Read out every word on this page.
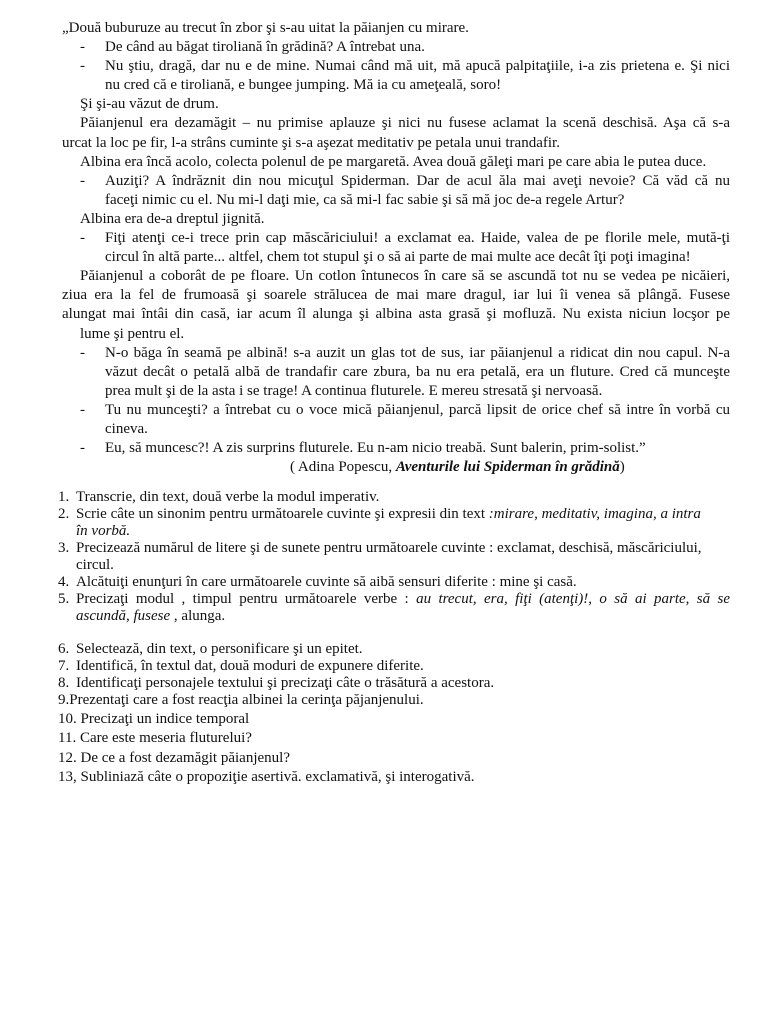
„Două buburuze au trecut în zbor şi s-au uitat la păianjen cu mirare.
- De când au băgat tiroliană în grădină? A întrebat una.
- Nu ştiu, dragă, dar nu e de mine. Numai când mă uit, mă apucă palpitaţiile, i-a zis prietena e. Şi nici
nu cred că e tiroliană, e bungee jumping. Mă ia cu ameţeală, soro!
Şi şi-au văzut de drum.
Păianjenul era dezamăgit – nu primise aplauze şi nici nu fusese aclamat la scenă deschisă. Aşa că s-a
urcat la loc pe fir, l-a strâns cuminte şi s-a aşezat meditativ pe petala unui trandafir.
Albina era încă acolo, colecta polenul de pe margaretă. Avea două găleţi mari pe care abia le putea duce.
- Auziţi? A îndrăznit din nou micuţul Spiderman. Dar de acul ăla mai aveţi nevoie? Că văd că nu
faceţi nimic cu el. Nu mi-l daţi mie, ca să mi-l fac sabie şi să mă joc de-a regele Artur?
Albina era de-a dreptul jignită.
- Fiţi atenţi ce-i trece prin cap măscăriciului! a exclamat ea. Haide, valea de pe florile mele, mută-ţi
circul în altă parte... altfel, chem tot stupul şi o să ai parte de mai multe ace decât îţi poţi imagina!
Păianjenul a coborât de pe floare. Un cotlon întunecos în care să se ascundă tot nu se vedea pe nicăieri,
ziua era la fel de frumoasă şi soarele strălucea de mai mare dragul, iar lui îi venea să plângă. Fusese
alungat mai întâi din casă, iar acum îl alunga şi albina asta grasă şi mofluză. Nu exista niciun locşor pe
lume şi pentru el.
- N-o băga în seamă pe albină! s-a auzit un glas tot de sus, iar păianjenul a ridicat din nou capul. N-a
văzut decât o petală albă de trandafir care zbura, ba nu era petală, era un fluture. Cred că munceşte
prea mult şi de la asta i se trage! A continua fluturele. E mereu stresată şi nervoasă.
- Tu nu munceşti? a întrebat cu o voce mică păianjenul, parcă lipsit de orice chef să intre în vorbă cu
cineva.
- Eu, să muncesc?! A zis surprins fluturele. Eu n-am nicio treabă. Sunt balerin, prim-solist.”
( Adina Popescu, Aventurile lui Spiderman în grădină)
1. Transcrie, din text, două verbe la modul imperativ.
2. Scrie câte un sinonim pentru următoarele cuvinte şi expresii din text :mirare, meditativ, imagina, a intra
în vorbă.
3. Precizează numărul de litere şi de sunete pentru următoarele cuvinte : exclamat, deschisă, măscăriciului,
circul.
4. Alcătuiţi enunţuri în care următoarele cuvinte să aibă sensuri diferite : mine şi casă.
5. Precizaţi modul , timpul pentru următoarele verbe : au trecut, era, fiţi (atenţi)!, o să ai parte, să se
ascundă, fusese , alunga.
6. Selectează, din text, o personificare şi un epitet.
7. Identifică, în textul dat, două moduri de expunere diferite.
8. Identificaţi personajele textului şi precizaţi câte o trăsătură a acestora.
9.Prezentaţi care a fost reacţia albinei la cerinţa păjanjenului.
10. Precizaţi un indice temporal
11. Care este meseria fluturelui?
12. De ce a fost dezamăgit păianjenul?
13, Subliniază câte o propoziţie asertivă. exclamativă, şi interogativă.
